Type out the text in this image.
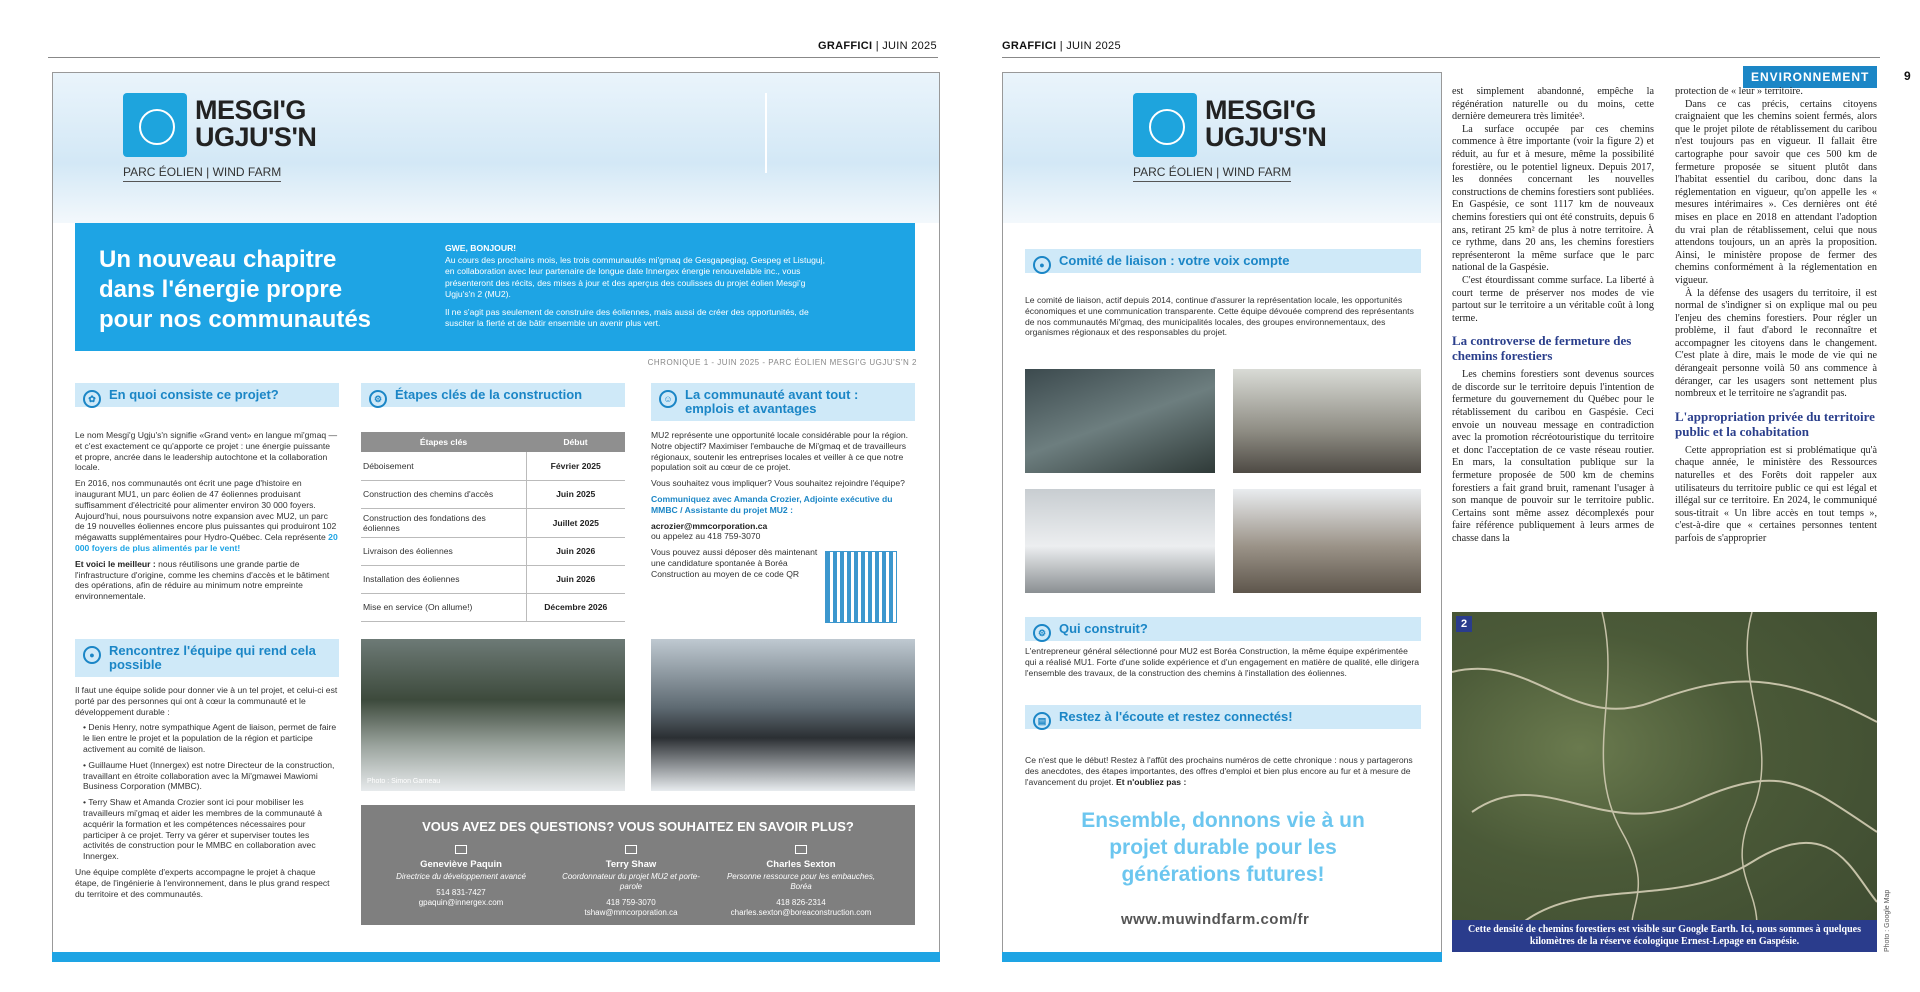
GRAFFICI | JUIN 2025
MESGI'G
UGJU'S'N
PARC ÉOLIEN | WIND FARM
Un nouveau chapitre dans l'énergie propre pour nos communautés

GWE, BONJOUR!
Au cours des prochains mois, les trois communautés mi'gmaq de Gesgapegiag, Gespeg et Listuguj, en collaboration avec leur partenaire de longue date Innergex énergie renouvelable inc., vous présenteront des récits, des mises à jour et des aperçus des coulisses du projet éolien Mesgi'g Ugju's'n 2 (MU2).

Il ne s'agit pas seulement de construire des éoliennes, mais aussi de créer des opportunités, de susciter la fierté et de bâtir ensemble un avenir plus vert.

CHRONIQUE 1 - JUIN 2025 - PARC ÉOLIEN MESGI'G UGJU'S'N 2
✿	En quoi consiste ce projet?

Le nom Mesgi'g Ugju's'n signifie «Grand vent» en langue mi'gmaq — et c'est exactement ce qu'apporte ce projet : une énergie puissante et propre, ancrée dans le leadership autochtone et la collaboration locale.

En 2016, nos communautés ont écrit une page d'histoire en inaugurant MU1, un parc éolien de 47 éoliennes produisant suffisamment d'électricité pour alimenter environ 30 000 foyers. Aujourd'hui, nous poursuivons notre expansion avec MU2, un parc de 19 nouvelles éoliennes encore plus puissantes qui produiront 102 mégawatts supplémentaires pour Hydro-Québec. Cela représente 20 000 foyers de plus alimentés par le vent!

Et voici le meilleur : nous réutilisons une grande partie de l'infrastructure d'origine, comme les chemins d'accès et le bâtiment des opérations, afin de réduire au minimum notre empreinte environnementale.

●	Rencontrez l'équipe qui rend cela possible

Il faut une équipe solide pour donner vie à un tel projet, et celui-ci est porté par des personnes qui ont à cœur la communauté et le développement durable :

• Denis Henry, notre sympathique Agent de liaison, permet de faire le lien entre le projet et la population de la région et participe activement au comité de liaison.

• Guillaume Huet (Innergex) est notre Directeur de la construction, travaillant en étroite collaboration avec la Mi'gmawei Mawiomi Business Corporation (MMBC).

• Terry Shaw et Amanda Crozier sont ici pour mobiliser les travailleurs mi'gmaq et aider les membres de la communauté à acquérir la formation et les compétences nécessaires pour participer à ce projet. Terry va gérer et superviser toutes les activités de construction pour le MMBC en collaboration avec Innergex.

Une équipe complète d'experts accompagne le projet à chaque étape, de l'ingénierie à l'environnement, dans le plus grand respect du territoire et des communautés.

⚙ Étapes clés de la construction
Étapes clés	Début
Déboisement	Février 2025
Construction des chemins d'accès	Juin 2025
Construction des fondations des éoliennes	Juillet 2025
Livraison des éoliennes	Juin 2026
Installation des éoliennes	Juin 2026
Mise en service (On allume!)	Décembre 2026
Photo : Simon Garneau
VOUS AVEZ DES QUESTIONS? VOUS SOUHAITEZ EN SAVOIR PLUS?
Geneviève Paquin
Directrice du développement avancé
514 831-7427
gpaquin@innergex.com
Terry Shaw
Coordonnateur du projet MU2 et porte-parole
418 759-3070
tshaw@mmcorporation.ca
Charles Sexton
Personne ressource pour les embauches, Boréa
418 826-2314
charles.sexton@boreaconstruction.com
☺ La communauté avant tout : emplois et avantages

MU2 représente une opportunité locale considérable pour la région. Notre objectif? Maximiser l'embauche de Mi'gmaq et de travailleurs régionaux, soutenir les entreprises locales et veiller à ce que notre population soit au cœur de ce projet.

Vous souhaitez vous impliquer? Vous souhaitez rejoindre l'équipe?

Communiquez avec Amanda Crozier, Adjointe exécutive du MMBC / Assistante du projet MU2 :

acrozier@mmcorporation.ca
ou appelez au 418 759-3070

Vous pouvez aussi déposer dès maintenant une candidature spontanée à Boréa Construction au moyen de ce code QR

GRAFFICI | JUIN 2025
ENVIRONNEMENT	9
MESGI'G
UGJU'S'N
PARC ÉOLIEN | WIND FARM
●	Comité de liaison : votre voix compte

Le comité de liaison, actif depuis 2014, continue d'assurer la représentation locale, les opportunités économiques et une communication transparente. Cette équipe dévouée comprend des représentants de nos communautés Mi'gmaq, des municipalités locales, des groupes environnementaux, des organismes régionaux et des responsables du projet.

⚙ Qui construit?

L'entrepreneur général sélectionné pour MU2 est Boréa Construction, la même équipe expérimentée qui a réalisé MU1. Forte d'une solide expérience et d'un engagement en matière de qualité, elle dirigera l'ensemble des travaux, de la construction des chemins à l'installation des éoliennes.

▤ Restez à l'écoute et restez connectés!

Ce n'est que le début! Restez à l'affût des prochains numéros de cette chronique : nous y partagerons des anecdotes, des étapes importantes, des offres d'emploi et bien plus encore au fur et à mesure de l'avancement du projet. Et n'oubliez pas :

Ensemble, donnons vie à un projet durable pour les générations futures!
www.muwindfarm.com/fr

est simplement abandonné, empêche la régénération naturelle ou du moins, cette dernière demeurera très limitée³.

La surface occupée par ces chemins commence à être importante (voir la figure 2) et réduit, au fur et à mesure, même la possibilité forestière, ou le potentiel ligneux. Depuis 2017, les données concernant les nouvelles constructions de chemins forestiers sont publiées. En Gaspésie, ce sont 1117 km de nouveaux chemins forestiers qui ont été construits, depuis 6 ans, retirant 25 km² de plus à notre territoire. À ce rythme, dans 20 ans, les chemins forestiers représenteront la même surface que le parc national de la Gaspésie.

C'est étourdissant comme surface. La liberté à court terme de préserver nos modes de vie partout sur le territoire a un véritable coût à long terme.

La controverse de fermeture des chemins forestiers

Les chemins forestiers sont devenus sources de discorde sur le territoire depuis l'intention de fermeture du gouvernement du Québec pour le rétablissement du caribou en Gaspésie. Ceci envoie un nouveau message en contradiction avec la promotion récréotouristique du territoire et donc l'acceptation de ce vaste réseau routier. En mars, la consultation publique sur la fermeture proposée de 500 km de chemins forestiers a fait grand bruit, ramenant l'usager à son manque de pouvoir sur le territoire public. Certains sont même assez décomplexés pour faire référence publiquement à leurs armes de chasse dans la

protection de « leur » territoire.

Dans ce cas précis, certains citoyens craignaient que les chemins soient fermés, alors que le projet pilote de rétablissement du caribou n'est toujours pas en vigueur. Il fallait être cartographe pour savoir que ces 500 km de fermeture proposée se situent plutôt dans l'habitat essentiel du caribou, donc dans la réglementation en vigueur, qu'on appelle les « mesures intérimaires ». Ces dernières ont été mises en place en 2018 en attendant l'adoption du vrai plan de rétablissement, celui que nous attendons toujours, un an après la proposition. Ainsi, le ministère propose de fermer des chemins conformément à la réglementation en vigueur.

À la défense des usagers du territoire, il est normal de s'indigner si on explique mal ou peu l'enjeu des chemins forestiers. Pour régler un problème, il faut d'abord le reconnaître et accompagner les citoyens dans le changement. C'est plate à dire, mais le mode de vie qui ne dérangeait personne voilà 50 ans commence à déranger, car les usagers sont nettement plus nombreux et le territoire ne s'agrandit pas.

L'appropriation privée du territoire public et la cohabitation

Cette appropriation est si problématique qu'à chaque année, le ministère des Ressources naturelles et des Forêts doit rappeler aux utilisateurs du territoire public ce qui est légal et illégal sur ce territoire. En 2024, le communiqué sous-titrait « Un libre accès en tout temps », c'est-à-dire que « certaines personnes tentent parfois de s'approprier

2
Cette densité de chemins forestiers est visible sur Google Earth. Ici, nous sommes à quelques kilomètres de la réserve écologique Ernest-Lepage en Gaspésie.	Photo : Google Map
